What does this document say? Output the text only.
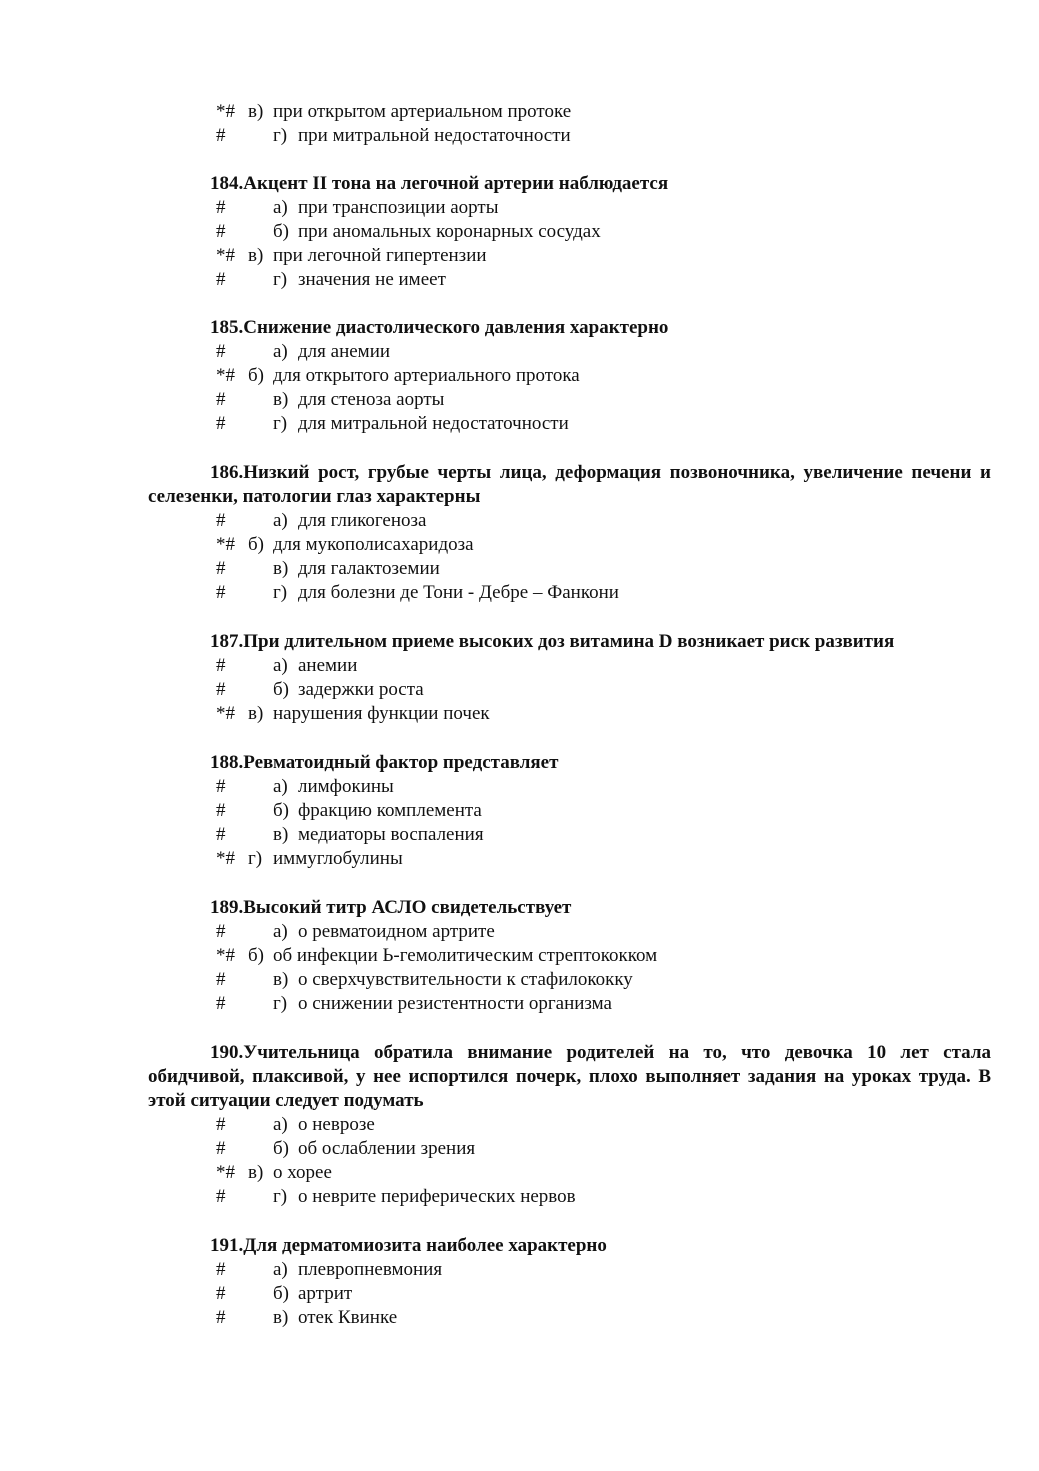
*# в) при открытом артериальном протоке
#	г) при митральной недостаточности
184.Акцент II тона на легочной артерии наблюдается
#	а) при транспозиции аорты
#	б) при аномальных коронарных сосудах
*# в) при легочной гипертензии
#	г) значения не имеет
185.Снижение диастолического давления характерно
#	а) для анемии
*# б) для открытого артериального протока
#	в) для стеноза аорты
#	г) для митральной недостаточности
186.Низкий рост, грубые черты лица, деформация позвоночника, увеличение печени и селезенки, патологии глаз характерны
#	а) для гликогеноза
*# б) для мукополисахаридоза
#	в) для галактоземии
#	г) для болезни де Тони - Дебре – Фанкони
187.При длительном приеме высоких доз витамина D возникает риск развития
#	а) анемии
#	б) задержки роста
*# в) нарушения функции почек
188.Ревматоидный фактор представляет
#	а) лимфокины
#	б) фракцию комплемента
#	в) медиаторы воспаления
*# г) иммуглобулины
189.Высокий титр АСЛО свидетельствует
#	а) о ревматоидном артрите
*# б) об инфекции Ь-гемолитическим стрептококком
#	в) о сверхчувствительности к стафилококку
#	г) о снижении резистентности организма
190.Учительница обратила внимание родителей на то, что девочка 10 лет стала обидчивой, плаксивой, у нее испортился почерк, плохо выполняет задания на уроках труда. В этой ситуации следует подумать
#	а) о неврозе
#	б) об ослаблении зрения
*# в) о хорее
#	г) о неврите периферических нервов
191.Для дерматомиозита наиболее характерно
#	а) плевропневмония
#	б) артрит
#	в) отек Квинке
